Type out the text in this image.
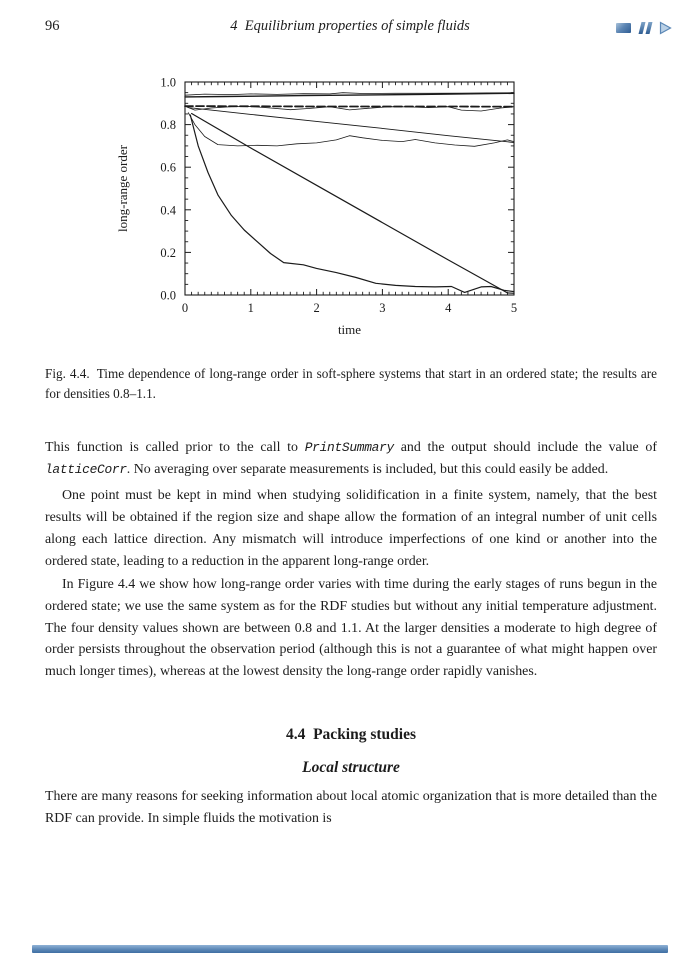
96	4  Equilibrium properties of simple fluids
0	1	2	3	4	5
0.0
0.2
0.4
0.6
0.8
1.0
time
long-range order

Fig. 4.4. Time dependence of long-range order in soft-sphere systems that start in an ordered state; the results are for densities 0.8–1.1.

This function is called prior to the call to PrintSummary and the output should include the value of latticeCorr. No averaging over separate measurements is included, but this could easily be added.

One point must be kept in mind when studying solidification in a finite system, namely, that the best results will be obtained if the region size and shape allow the formation of an integral number of unit cells along each lattice direction. Any mismatch will introduce imperfections of one kind or another into the ordered state, leading to a reduction in the apparent long-range order.

In Figure 4.4 we show how long-range order varies with time during the early stages of runs begun in the ordered state; we use the same system as for the RDF studies but without any initial temperature adjustment. The four density values shown are between 0.8 and 1.1. At the larger densities a moderate to high degree of order persists throughout the observation period (although this is not a guarantee of what might happen over much longer times), whereas at the lowest density the long-range order rapidly vanishes.

4.4  Packing studies

Local structure

There are many reasons for seeking information about local atomic organization that is more detailed than the RDF can provide. In simple fluids the motivation is
